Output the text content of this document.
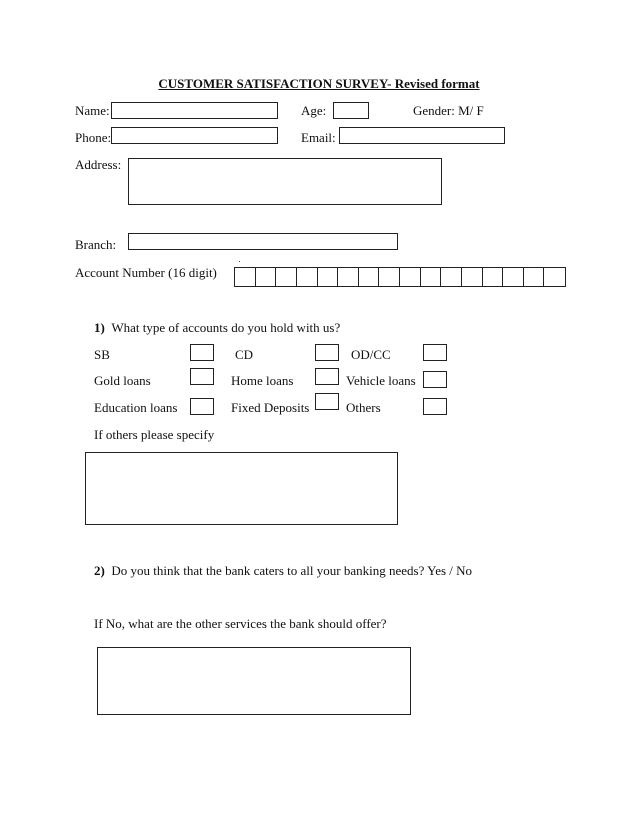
CUSTOMER SATISFACTION SURVEY- Revised format
Name:	Age:	Gender: M/ F
Phone:	Email:
Address:
Branch:
Account Number (16 digit)
1) What type of accounts do you hold with us?
SB	CD	OD/CC
Gold loans	Home loans	Vehicle loans
Education loans	Fixed Deposits	Others
If others please specify
2) Do you think that the bank caters to all your banking needs? Yes / No
If No, what are the other services the bank should offer?
